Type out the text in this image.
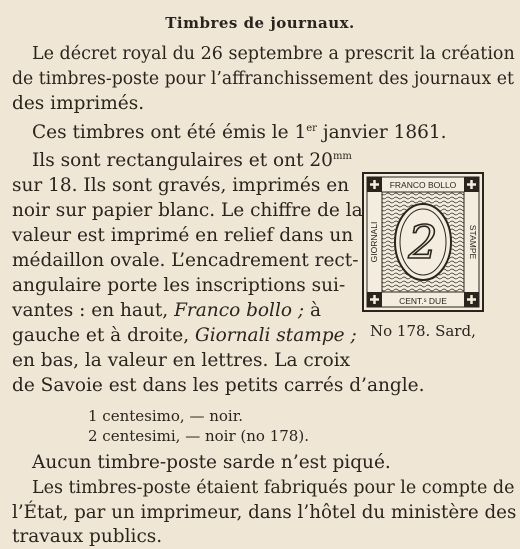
Timbres de journaux.
Le décret royal du 26 septembre a prescrit la création
de timbres-poste pour l’affranchissement des journaux et
des imprimés.
Ces timbres ont été émis le 1er janvier 1861.
Ils sont rectangulaires et ont $20^{mm}$
sur 18. Ils sont gravés, imprimés en
noir sur papier blanc. Le chiffre de la
valeur est imprimé en relief dans un
médaillon ovale. L’encadrement rect-
angulaire porte les inscriptions sui-
vantes : en haut, Franco bollo ; à
gauche et à droite, Giornali stampe ;
en bas, la valeur en lettres. La croix
de Savoie est dans les petits carrés d’angle.
FRANCO BOLLO
CENT.ˢ DUE
GIORNALI	STAMPE
2
No 178. Sard,
1 centesimo, — noir.
2 centesimi, — noir (no 178).
Aucun timbre-poste sarde n’est piqué.
Les timbres-poste étaient fabriqués pour le compte de
l’État, par un imprimeur, dans l’hôtel du ministère des
travaux publics.
